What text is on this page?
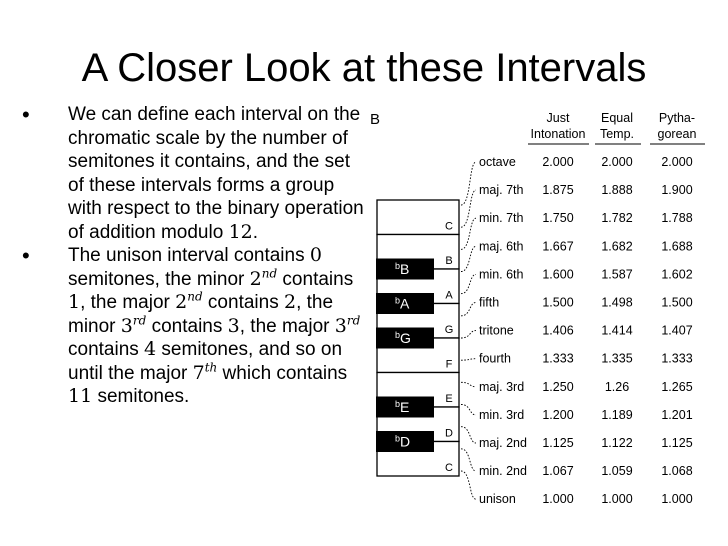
A Closer Look at these Intervals
• We can define each interval on the chromatic scale by the number of semitones it contains, and the set of these intervals forms a group with respect to the binary operation of addition modulo 12.
• The unison interval contains 0 semitones, the minor 2nd contains 1, the major 2nd contains 2, the minor 3rd contains 3, the major 3rd contains 4 semitones, and so on until the major 7th which contains 11 semitones.
B	Just
Intonation
Equal
Temp.
Pytha-
gorean
C
B
A
G
F
E
D
C
$^b$B
$^b$A
$^b$G
$^b$E
$^b$D
octave 2.000 2.000 2.000
maj. 7th 1.875 1.888 1.900
min. 7th 1.750 1.782 1.788
maj. 6th 1.667 1.682 1.688
min. 6th 1.600 1.587 1.602
fifth	1.500 1.498 1.500
tritone 1.406 1.414 1.407
fourth	1.333 1.335 1.333
maj. 3rd 1.250 1.26	1.265
min. 3rd 1.200 1.189 1.201
maj. 2nd 1.125 1.122 1.125
min. 2nd 1.067 1.059 1.068
unison 1.000 1.000 1.000
